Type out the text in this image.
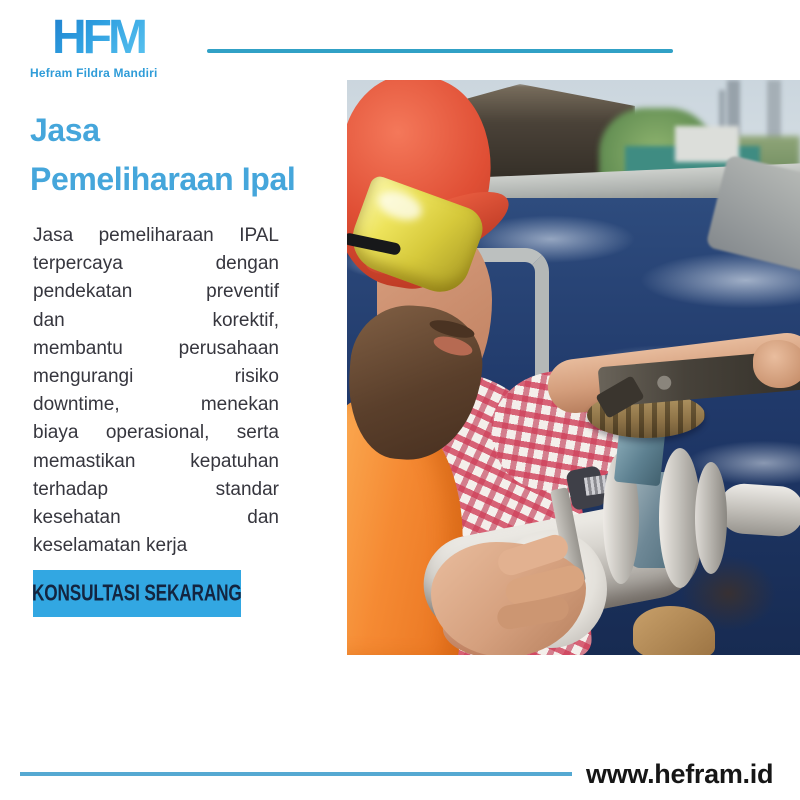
HFM
Hefram Fildra Mandiri
Jasa
Pemeliharaan Ipal
Jasa pemeliharaan IPAL
terpercaya dengan
pendekatan preventif
dan korektif,
membantu perusahaan
mengurangi risiko
downtime, menekan
biaya operasional, serta
memastikan kepatuhan
terhadap standar
kesehatan dan
keselamatan kerja
KONSULTASI SEKARANG
www.hefram.id
